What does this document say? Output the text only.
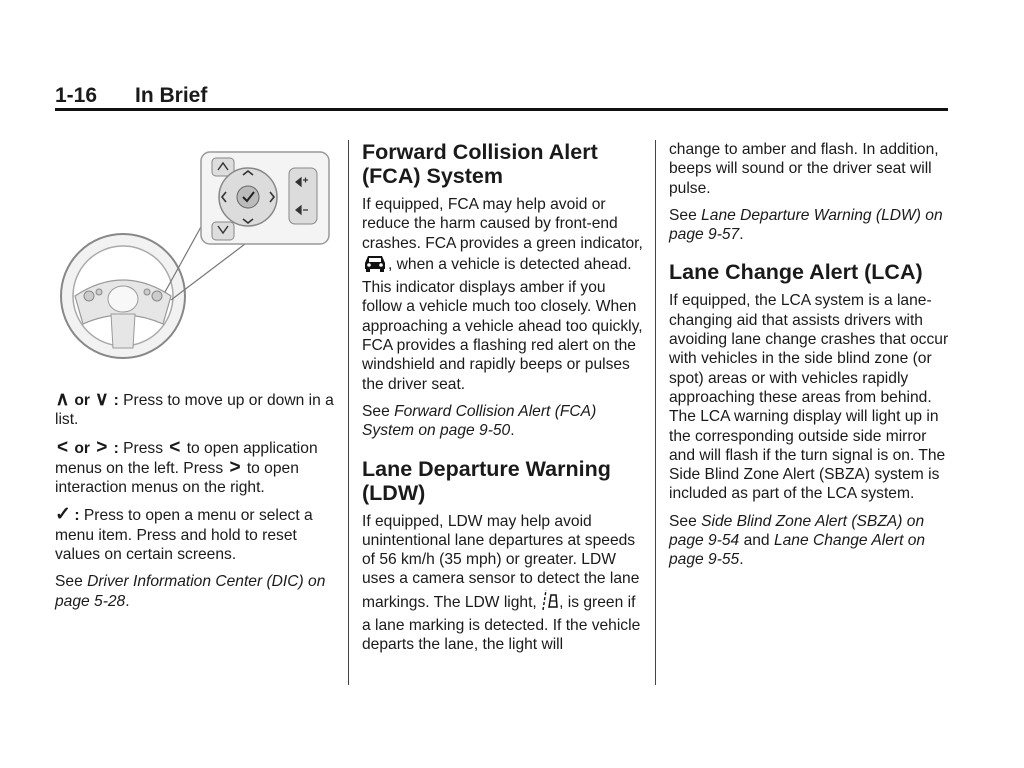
1-16 In Brief

∧ or ∨ : Press to move up or down in a list.

< or > : Press < to open application menus on the left. Press > to open interaction menus on the right.

✓ : Press to open a menu or select a menu item. Press and hold to reset values on certain screens.

See Driver Information Center (DIC) on page 5-28.

Forward Collision Alert (FCA) System

If equipped, FCA may help avoid or reduce the harm caused by front-end crashes. FCA provides a green indicator, , when a vehicle is detected ahead. This indicator displays amber if you follow a vehicle much too closely. When approaching a vehicle ahead too quickly, FCA provides a flashing red alert on the windshield and rapidly beeps or pulses the driver seat.

See Forward Collision Alert (FCA) System on page 9-50.

Lane Departure Warning (LDW)

If equipped, LDW may help avoid unintentional lane departures at speeds of 56 km/h (35 mph) or greater. LDW uses a camera sensor to detect the lane markings. The LDW light, , is green if a lane marking is detected. If the vehicle departs the lane, the light will

change to amber and flash. In addition, beeps will sound or the driver seat will pulse.

See Lane Departure Warning (LDW) on page 9-57.

Lane Change Alert (LCA)

If equipped, the LCA system is a lane-changing aid that assists drivers with avoiding lane change crashes that occur with vehicles in the side blind zone (or spot) areas or with vehicles rapidly approaching these areas from behind. The LCA warning display will light up in the corresponding outside side mirror and will flash if the turn signal is on. The Side Blind Zone Alert (SBZA) system is included as part of the LCA system.

See Side Blind Zone Alert (SBZA) on page 9-54 and Lane Change Alert on page 9-55.
